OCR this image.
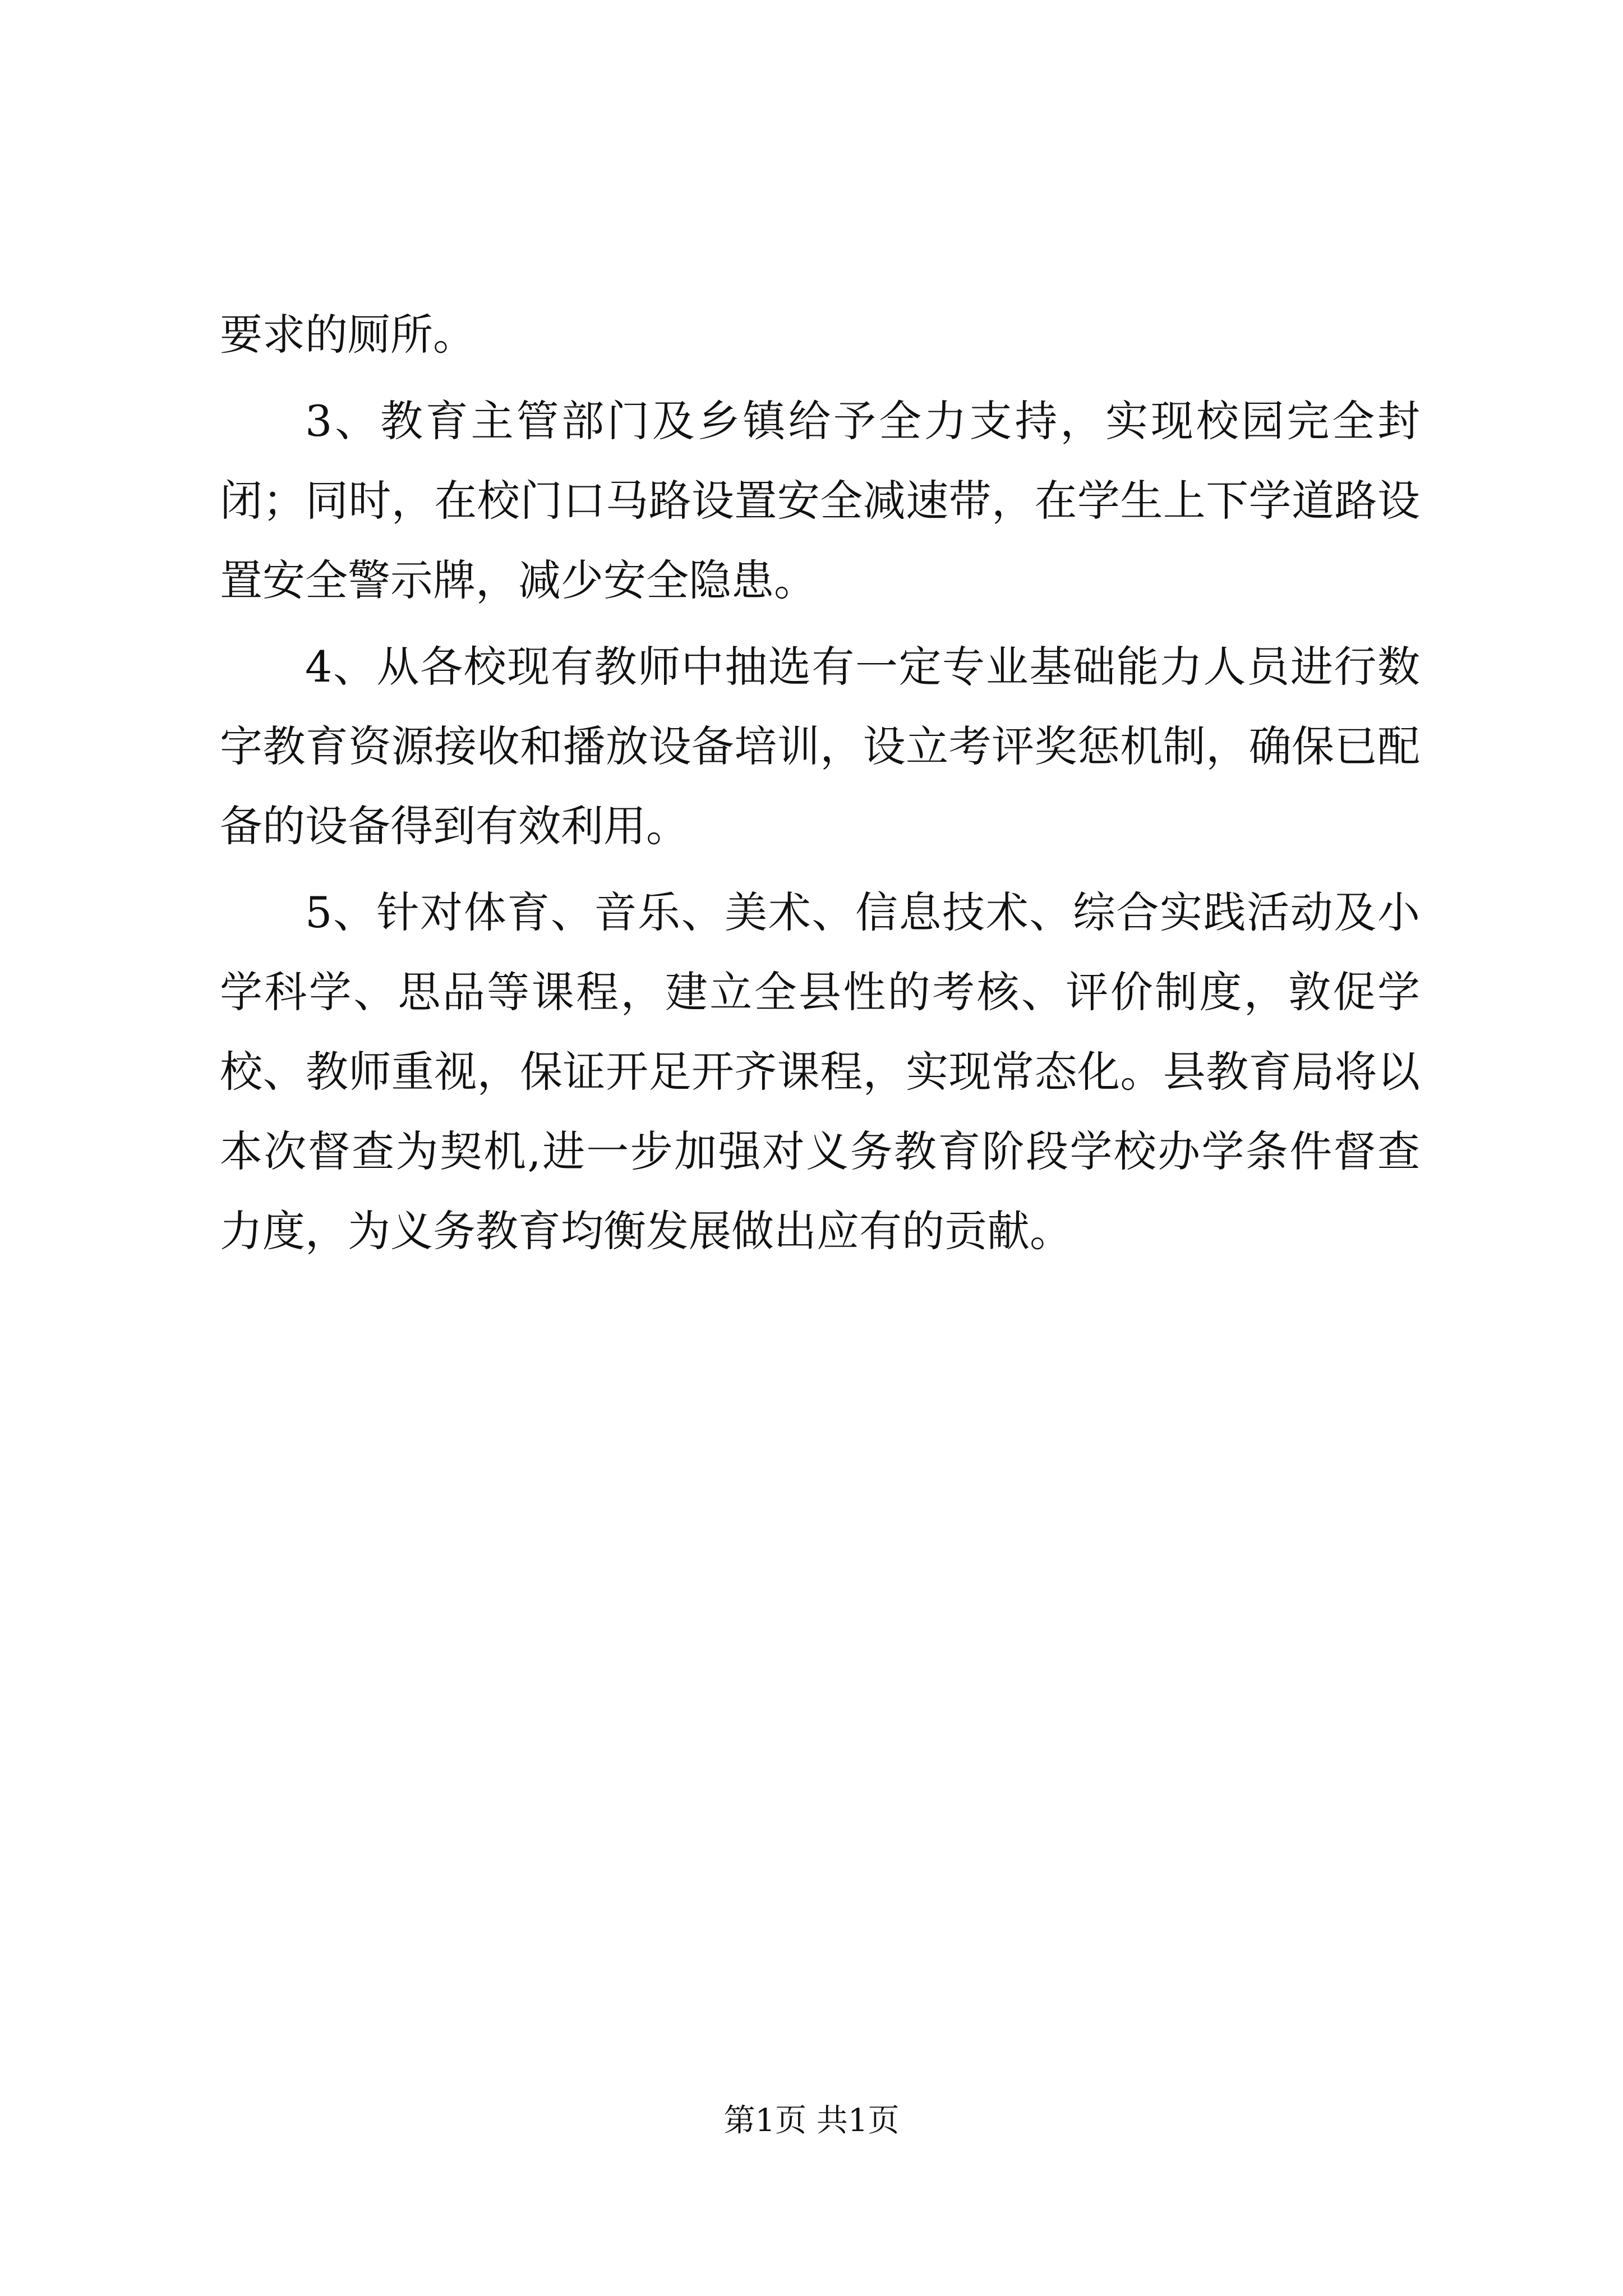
要求的厕所。

3、教育主管部门及乡镇给予全力支持，实现校园完全封闭；同时，在校门口马路设置安全减速带，在学生上下学道路设置安全警示牌，减少安全隐患。

4、从各校现有教师中抽选有一定专业基础能力人员进行数字教育资源接收和播放设备培训，设立考评奖惩机制，确保已配备的设备得到有效利用。

5、针对体育、音乐、美术、信息技术、综合实践活动及小学科学、思品等课程，建立全县性的考核、评价制度，敦促学校、教师重视，保证开足开齐课程，实现常态化。县教育局将以本次督查为契机,进一步加强对义务教育阶段学校办学条件督查力度，为义务教育均衡发展做出应有的贡献。

第1页 共1页
